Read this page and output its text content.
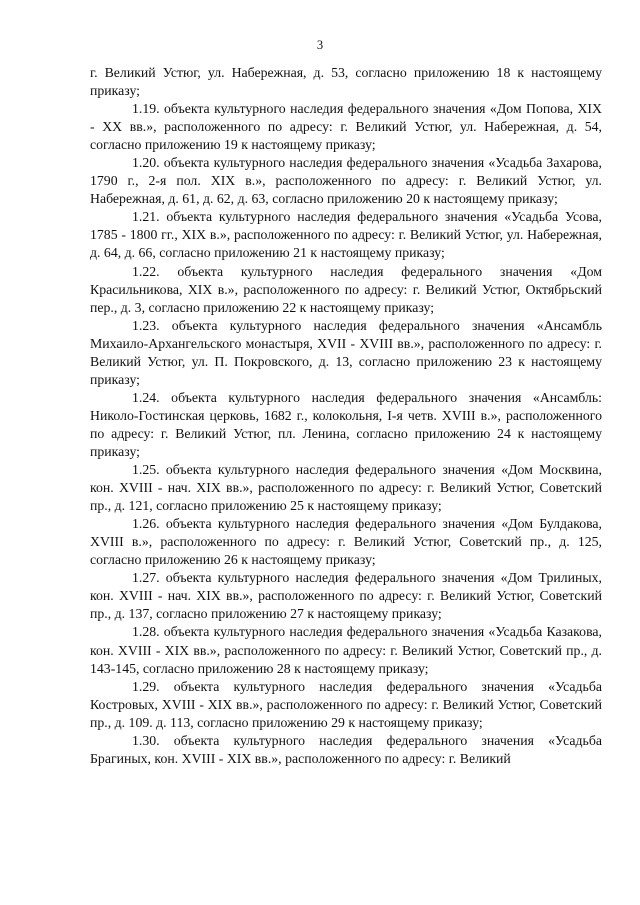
3

г. Великий Устюг, ул. Набережная, д. 53, согласно приложению 18 к настоящему приказу;

1.19. объекта культурного наследия федерального значения «Дом Попова, XIX - XX вв.», расположенного по адресу: г. Великий Устюг, ул. Набережная, д. 54, согласно приложению 19 к настоящему приказу;

1.20. объекта культурного наследия федерального значения «Усадьба Захарова, 1790 г., 2-я пол. XIX в.», расположенного по адресу: г. Великий Устюг, ул. Набережная, д. 61, д. 62, д. 63, согласно приложению 20 к настоящему приказу;

1.21. объекта культурного наследия федерального значения «Усадьба Усова, 1785 - 1800 гг., XIX в.», расположенного по адресу: г. Великий Устюг, ул. Набережная, д. 64, д. 66, согласно приложению 21 к настоящему приказу;

1.22. объекта культурного наследия федерального значения «Дом Красильникова, XIX в.», расположенного по адресу: г. Великий Устюг, Октябрьский пер., д. 3, согласно приложению 22 к настоящему приказу;

1.23. объекта культурного наследия федерального значения «Ансамбль Михаило-Архангельского монастыря, XVII - XVIII вв.», расположенного по адресу: г. Великий Устюг, ул. П. Покровского, д. 13, согласно приложению 23 к настоящему приказу;

1.24. объекта культурного наследия федерального значения «Ансамбль: Николо-Гостинская церковь, 1682 г., колокольня, I-я четв. XVIII в.», расположенного по адресу: г. Великий Устюг, пл. Ленина, согласно приложению 24 к настоящему приказу;

1.25. объекта культурного наследия федерального значения «Дом Москвина, кон. XVIII - нач. XIX вв.», расположенного по адресу: г. Великий Устюг, Советский пр., д. 121, согласно приложению 25 к настоящему приказу;

1.26. объекта культурного наследия федерального значения «Дом Булдакова, XVIII в.», расположенного по адресу: г. Великий Устюг, Советский пр., д. 125, согласно приложению 26 к настоящему приказу;

1.27. объекта культурного наследия федерального значения «Дом Трилиных, кон. XVIII - нач. XIX вв.», расположенного по адресу: г. Великий Устюг, Советский пр., д. 137, согласно приложению 27 к настоящему приказу;

1.28. объекта культурного наследия федерального значения «Усадьба Казакова, кон. XVIII - XIX вв.», расположенного по адресу: г. Великий Устюг, Советский пр., д. 143-145, согласно приложению 28 к настоящему приказу;

1.29. объекта культурного наследия федерального значения «Усадьба Костровых, XVIII - XIX вв.», расположенного по адресу: г. Великий Устюг, Советский пр., д. 109. д. 113, согласно приложению 29 к настоящему приказу;

1.30. объекта культурного наследия федерального значения «Усадьба Брагиных, кон. XVIII - XIX вв.», расположенного по адресу: г. Великий
